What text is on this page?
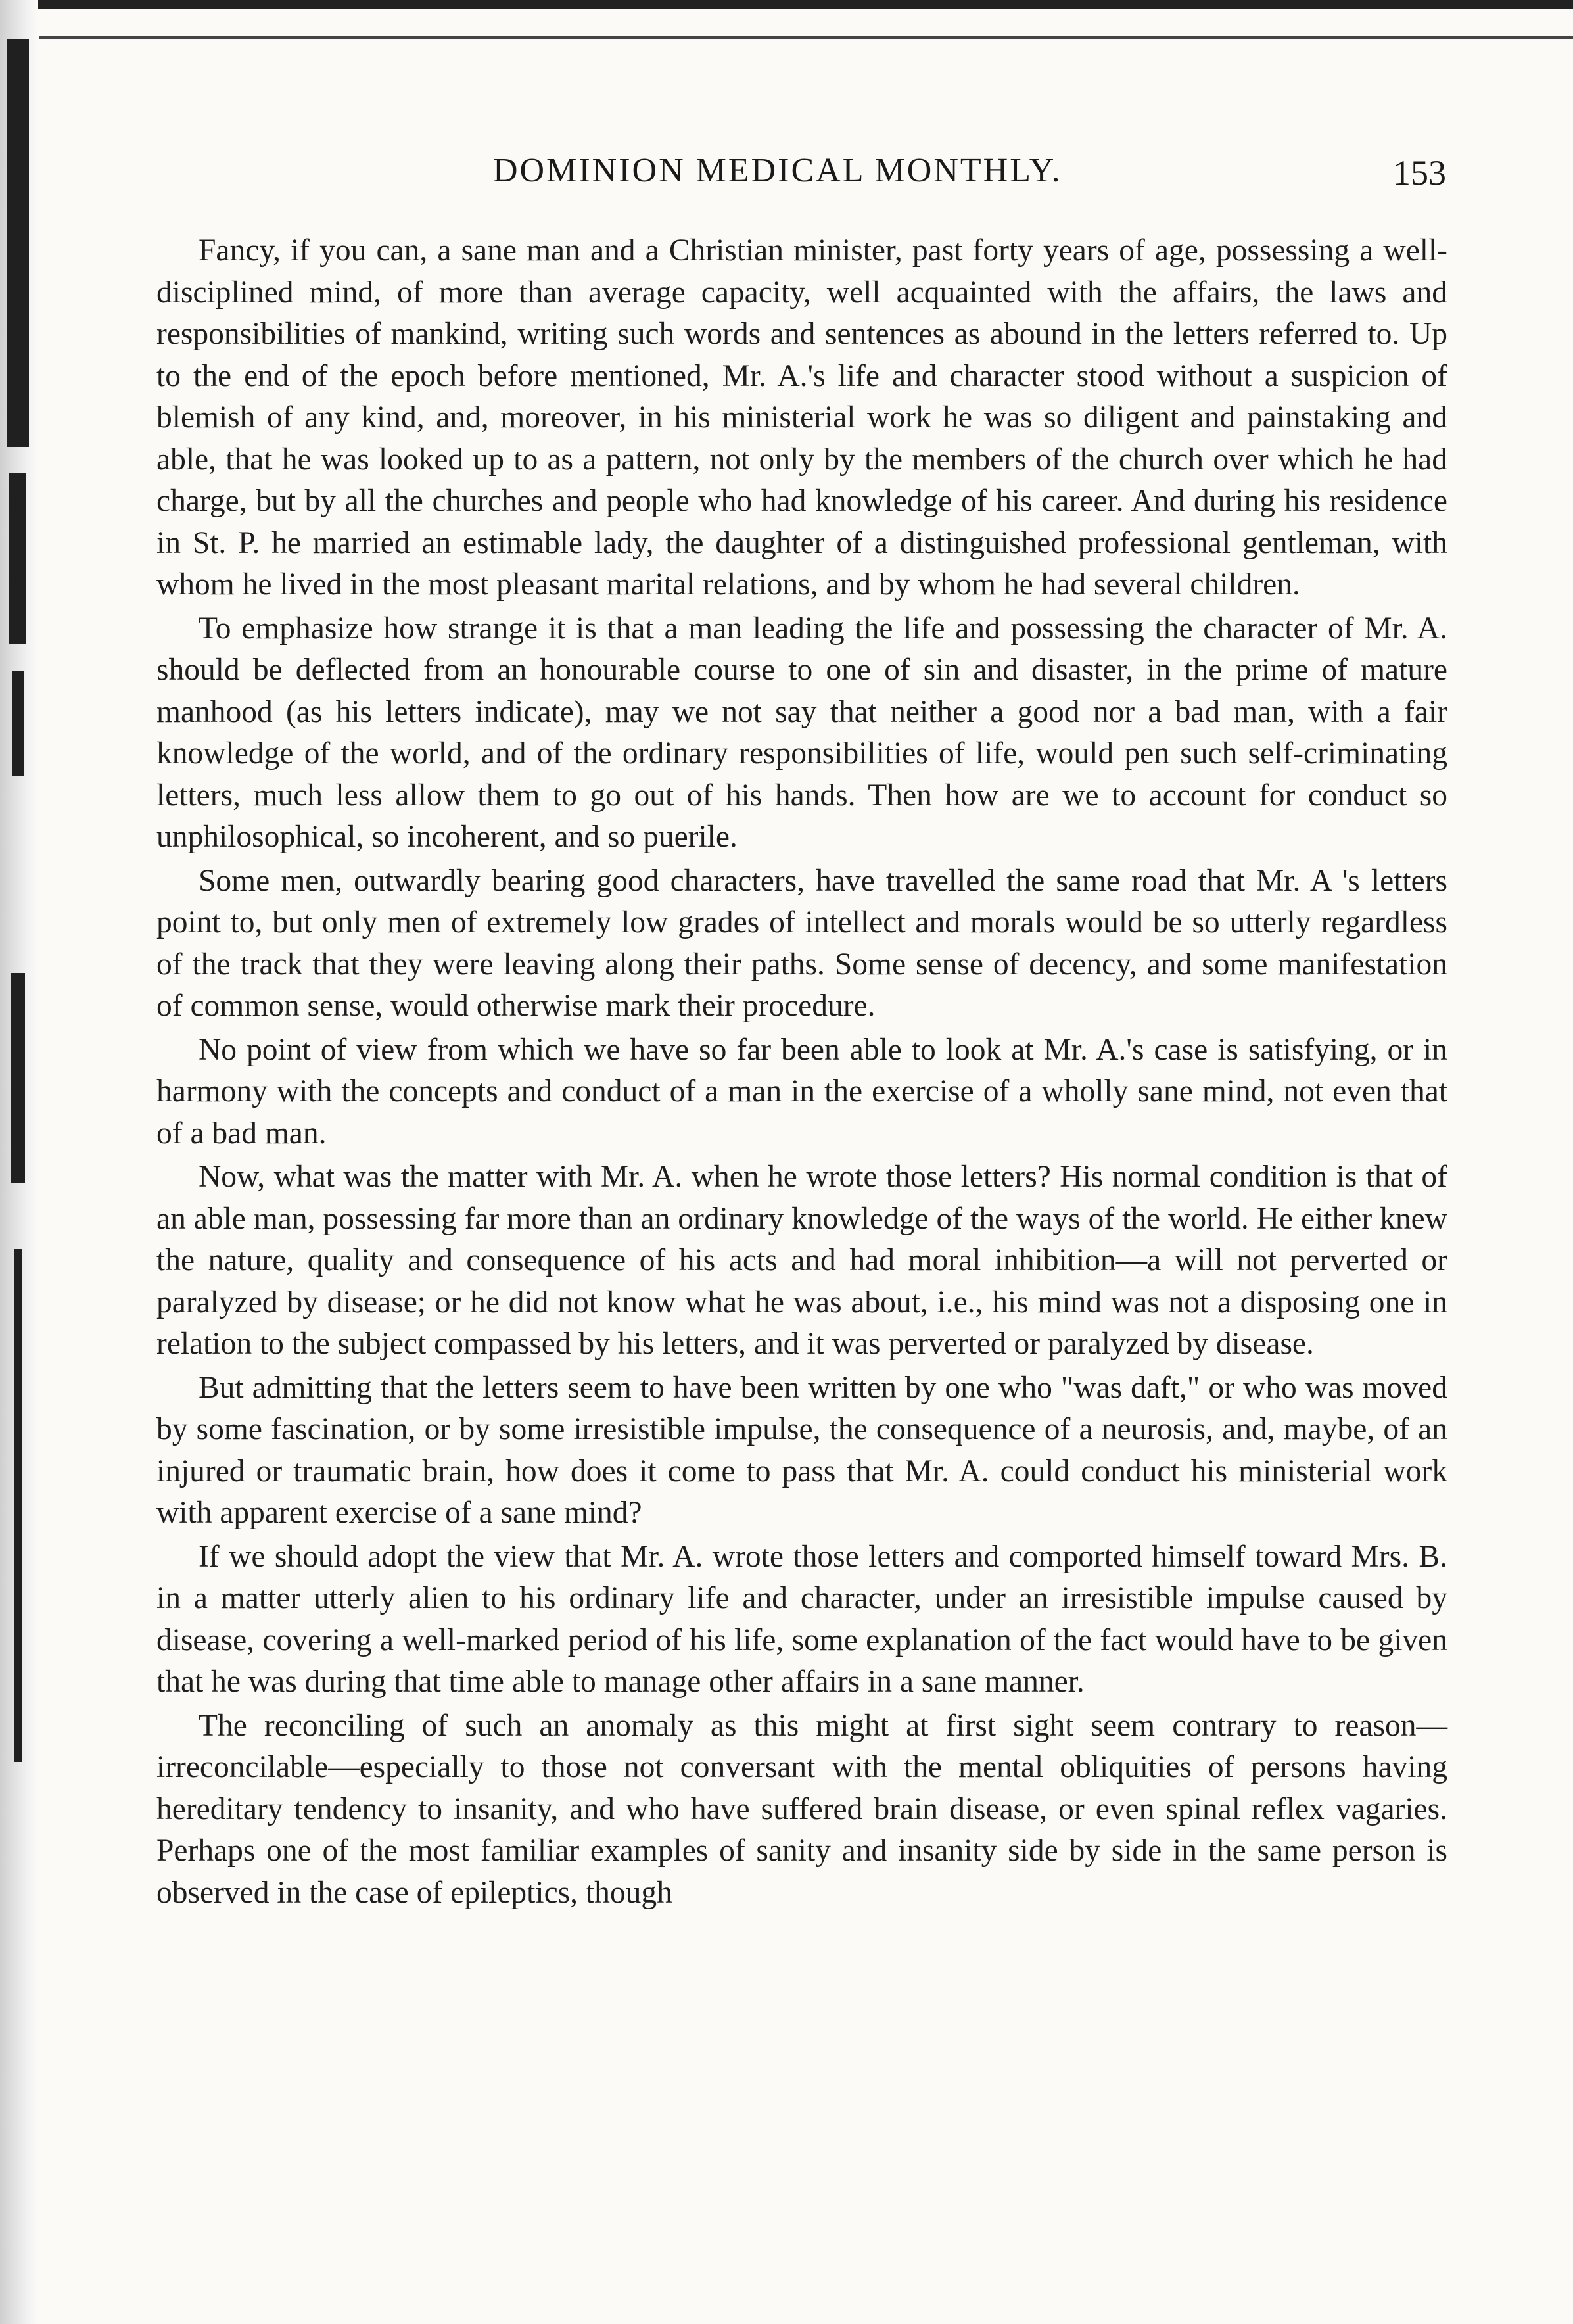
DOMINION MEDICAL MONTHLY.	153

Fancy, if you can, a sane man and a Christian minister, past forty years of age, possessing a well-disciplined mind, of more than average capacity, well acquainted with the affairs, the laws and responsibilities of mankind, writing such words and sentences as abound in the letters referred to. Up to the end of the epoch before mentioned, Mr. A.'s life and character stood without a suspicion of blemish of any kind, and, moreover, in his ministerial work he was so diligent and painstaking and able, that he was looked up to as a pattern, not only by the members of the church over which he had charge, but by all the churches and people who had knowledge of his career. And during his residence in St. P. he married an estimable lady, the daughter of a distinguished professional gentleman, with whom he lived in the most pleasant marital relations, and by whom he had several children.

To emphasize how strange it is that a man leading the life and possessing the character of Mr. A. should be deflected from an honourable course to one of sin and disaster, in the prime of mature manhood (as his letters indicate), may we not say that neither a good nor a bad man, with a fair knowledge of the world, and of the ordinary responsibilities of life, would pen such self-criminating letters, much less allow them to go out of his hands. Then how are we to account for conduct so unphilosophical, so incoherent, and so puerile.

Some men, outwardly bearing good characters, have travelled the same road that Mr. A 's letters point to, but only men of extremely low grades of intellect and morals would be so utterly regardless of the track that they were leaving along their paths. Some sense of decency, and some manifestation of common sense, would otherwise mark their procedure.

No point of view from which we have so far been able to look at Mr. A.'s case is satisfying, or in harmony with the concepts and conduct of a man in the exercise of a wholly sane mind, not even that of a bad man.

Now, what was the matter with Mr. A. when he wrote those letters? His normal condition is that of an able man, possessing far more than an ordinary knowledge of the ways of the world. He either knew the nature, quality and consequence of his acts and had moral inhibition—a will not perverted or paralyzed by disease; or he did not know what he was about, i.e., his mind was not a disposing one in relation to the subject compassed by his letters, and it was perverted or paralyzed by disease.

But admitting that the letters seem to have been written by one who "was daft," or who was moved by some fascination, or by some irresistible impulse, the consequence of a neurosis, and, maybe, of an injured or traumatic brain, how does it come to pass that Mr. A. could conduct his ministerial work with apparent exercise of a sane mind?

If we should adopt the view that Mr. A. wrote those letters and comported himself toward Mrs. B. in a matter utterly alien to his ordinary life and character, under an irresistible impulse caused by disease, covering a well-marked period of his life, some explanation of the fact would have to be given that he was during that time able to manage other affairs in a sane manner.

The reconciling of such an anomaly as this might at first sight seem contrary to reason—irreconcilable—especially to those not conversant with the mental obliquities of persons having hereditary tendency to insanity, and who have suffered brain disease, or even spinal reflex vagaries. Perhaps one of the most familiar examples of sanity and insanity side by side in the same person is observed in the case of epileptics, though
